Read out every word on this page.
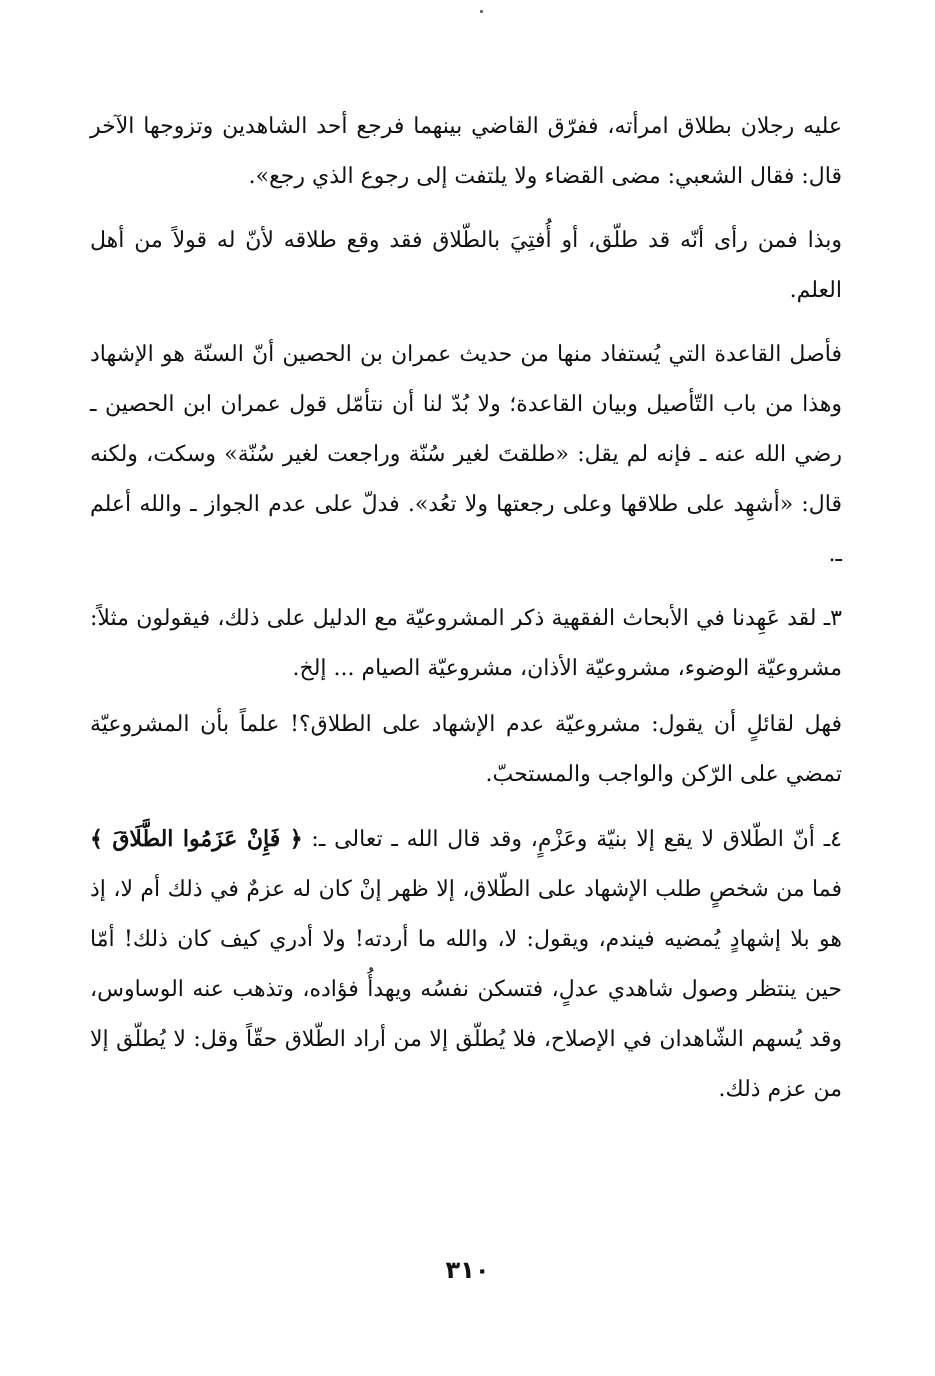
عليه رجلان بطلاق امرأته، ففرّق القاضي بينهما فرجع أحد الشاهدين وتزوجها الآخر قال: فقال الشعبي: مضى القضاء ولا يلتفت إلى رجوع الذي رجع».

وبذا فمن رأى أنّه قد طلّق، أو أُفتِيَ بالطّلاق فقد وقع طلاقه لأنّ له قولاً من أهل العلم.

فأصل القاعدة التي يُستفاد منها من حديث عمران بن الحصين أنّ السنّة هو الإشهاد وهذا من باب التّأصيل وبيان القاعدة؛ ولا بُدّ لنا أن نتأمّل قول عمران ابن الحصين ـ رضي الله عنه ـ فإنه لم يقل: «طلقتَ لغير سُنّة وراجعت لغير سُنّة» وسكت، ولكنه قال: «أشهِد على طلاقها وعلى رجعتها ولا تعُد». فدلّ على عدم الجواز ـ والله أعلم ـ.

٣ـ لقد عَهِدنا في الأبحاث الفقهية ذكر المشروعيّة مع الدليل على ذلك، فيقولون مثلاً: مشروعيّة الوضوء، مشروعيّة الأذان، مشروعيّة الصيام ... إلخ.

فهل لقائلٍ أن يقول: مشروعيّة عدم الإشهاد على الطلاق؟! علماً بأن المشروعيّة تمضي على الرّكن والواجب والمستحبّ.

٤ـ أنّ الطّلاق لا يقع إلا بنيّة وعَزْمٍ، وقد قال الله ـ تعالى ـ: ﴿ فَإِنْ عَزَمُوا الطَّلَاقَ ﴾ فما من شخصٍ طلب الإشهاد على الطّلاق، إلا ظهر إنْ كان له عزمٌ في ذلك أم لا، إذ هو بلا إشهادٍ يُمضيه فيندم، ويقول: لا، والله ما أردته! ولا أدري كيف كان ذلك! أمّا حين ينتظر وصول شاهدي عدلٍ، فتسكن نفسُه ويهدأُ فؤاده، وتذهب عنه الوساوس، وقد يُسهم الشّاهدان في الإصلاح، فلا يُطلّق إلا من أراد الطّلاق حقّاً وقل: لا يُطلّق إلا من عزم ذلك.

٣١٠
